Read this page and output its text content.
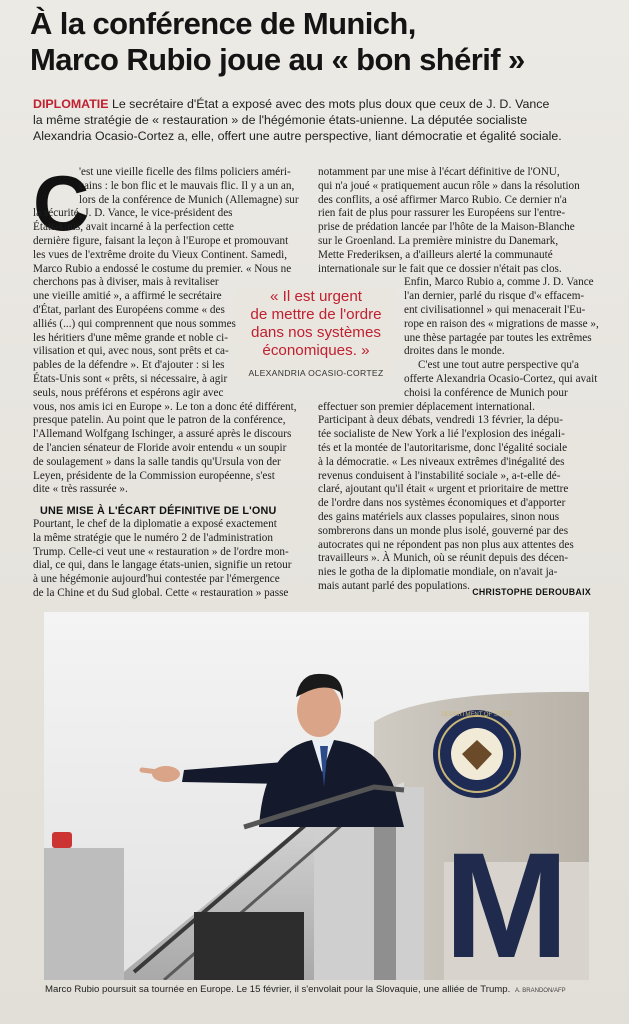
À la conférence de Munich,
Marco Rubio joue au « bon shérif »
DIPLOMATIE Le secrétaire d'État a exposé avec des mots plus doux que ceux de J. D. Vance
la même stratégie de « restauration » de l'hégémonie états-unienne. La députée socialiste
Alexandria Ocasio-Cortez a, elle, offert une autre perspective, liant démocratie et égalité sociale.
C
'est une vieille ficelle des films policiers améri-
cains : le bon flic et le mauvais flic. Il y a un an,
lors de la conférence de Munich (Allemagne) sur
la sécurité, J. D. Vance, le vice-président des
États-Unis, avait incarné à la perfection cette
dernière figure, faisant la leçon à l'Europe et promouvant
les vues de l'extrême droite du Vieux Continent. Samedi,
Marco Rubio a endossé le costume du premier. « Nous ne
cherchons pas à diviser, mais à revitaliser
une vieille amitié », a affirmé le secrétaire
d'État, parlant des Européens comme « des
alliés (...) qui comprennent que nous sommes
les héritiers d'une même grande et noble ci-
vilisation et qui, avec nous, sont prêts et ca-
pables de la défendre ». Et d'ajouter : si les
États-Unis sont « prêts, si nécessaire, à agir
seuls, nous préférons et espérons agir avec
vous, nos amis ici en Europe ». Le ton a donc été différent,
presque patelin. Au point que le patron de la conférence,
l'Allemand Wolfgang Ischinger, a assuré après le discours
de l'ancien sénateur de Floride avoir entendu « un soupir
de soulagement » dans la salle tandis qu'Ursula von der
Leyen, présidente de la Commission européenne, s'est
dite « très rassurée ».
UNE MISE À L'ÉCART DÉFINITIVE DE L'ONU
Pourtant, le chef de la diplomatie a exposé exactement
la même stratégie que le numéro 2 de l'administration
Trump. Celle-ci veut une « restauration » de l'ordre mon-
dial, ce qui, dans le langage états-unien, signifie un retour
à une hégémonie aujourd'hui contestée par l'émergence
de la Chine et du Sud global. Cette « restauration » passe
notamment par une mise à l'écart définitive de l'ONU,
qui n'a joué « pratiquement aucun rôle » dans la résolution
des conflits, a osé affirmer Marco Rubio. Ce dernier n'a
rien fait de plus pour rassurer les Européens sur l'entre-
prise de prédation lancée par l'hôte de la Maison-Blanche
sur le Groenland. La première ministre du Danemark,
Mette Frederiksen, a d'ailleurs alerté la communauté
internationale sur le fait que ce dossier n'était pas clos.
Enfin, Marco Rubio a, comme J. D. Vance
l'an dernier, parlé du risque d'« effacem-
ent civilisationnel » qui menacerait l'Eu-
rope en raison des « migrations de masse »,
une thèse partagée par toutes les extrêmes
droites dans le monde.
C'est une tout autre perspective qu'a
offerte Alexandria Ocasio-Cortez, qui avait
choisi la conférence de Munich pour
effectuer son premier déplacement international.
Participant à deux débats, vendredi 13 février, la dépu-
tée socialiste de New York a lié l'explosion des inégali-
tés et la montée de l'autoritarisme, donc l'égalité sociale
à la démocratie. « Les niveaux extrêmes d'inégalité des
revenus conduisent à l'instabilité sociale », a-t-elle dé-
claré, ajoutant qu'il était « urgent et prioritaire de mettre
de l'ordre dans nos systèmes économiques et d'apporter
des gains matériels aux classes populaires, sinon nous
sombrerons dans un monde plus isolé, gouverné par des
autocrates qui ne répondent pas non plus aux attentes des
travailleurs ». À Munich, où se réunit depuis des décen-
nies le gotha de la diplomatie mondiale, on n'avait ja-
mais autant parlé des populations.
« Il est urgent
de mettre de l'ordre
dans nos systèmes
économiques. »
ALEXANDRIA OCASIO-CORTEZ
CHRISTOPHE DEROUBAIX
DEPARTMENT OF STATE
M
Marco Rubio poursuit sa tournée en Europe. Le 15 février, il s'envolait pour la Slovaquie, une alliée de Trump. A. BRANDON/AFP
